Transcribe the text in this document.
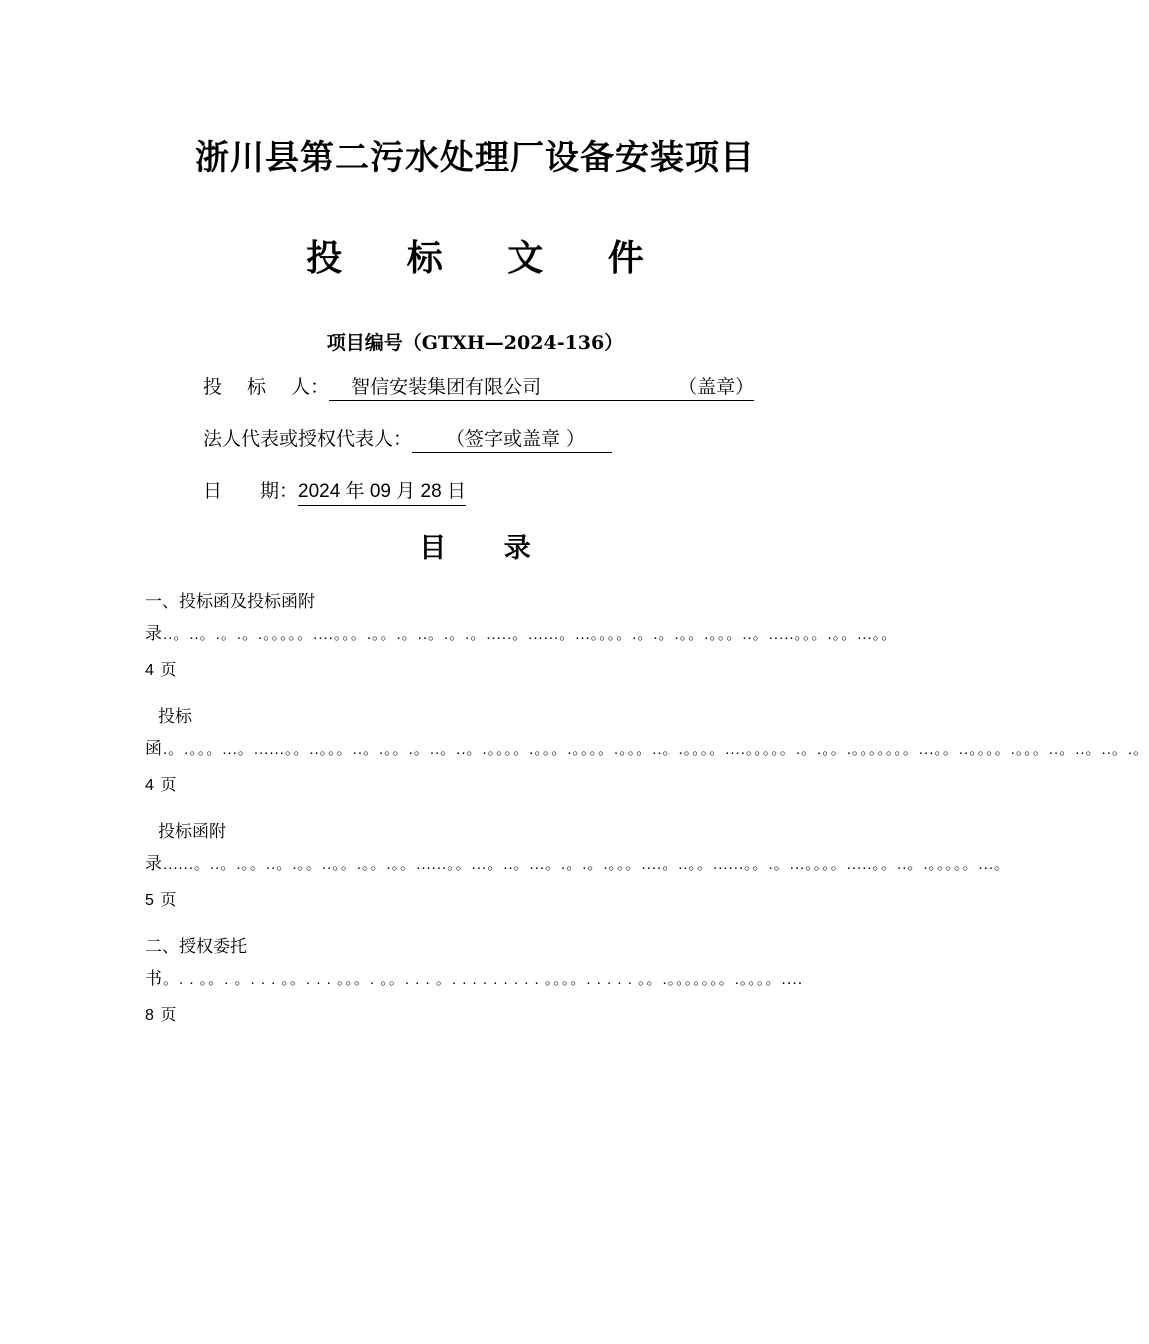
浙川县第二污水处理厂设备安装项目
投 标 文 件
项目编号（GTXH—2024-136）
投　 标　 人： 智信安装集团有限公司	（盖章）
法人代表或授权代表人： （签字或盖章 ）
日　　期：2024 年 09 月 28 日
目 录
一、投标函及投标函附
录..。..。.。.。.。。。。。....。。。.。。.。..。.。.。.....。......。...。。。。.。.。.。。.。。。..。.....。。。.。。...。。 4 页
投标
函.。.。。。...。......。。..。。。..。.。。.。..。..。.。。。。.。。。.。。。。.。。。..。.。。。。....。。。。。.。.。。.。。。。。。。...。。..。。。。.。。。..。..。..。.。 4 页
投标函附
录......。..。.。。..。.。。..。。.。。.。。......。。...。..。...。.。.。.。。。....。..。。......。。.。...。。。。.....。。..。.。。。。。...。 5 页
二、授权委托
书。. . 。。. 。. . . 。。. . . 。。。. 。。. . . 。. . . . . . . . . 。。。。. . . . . 。。.。。。。。。。.。。。。....8 页
